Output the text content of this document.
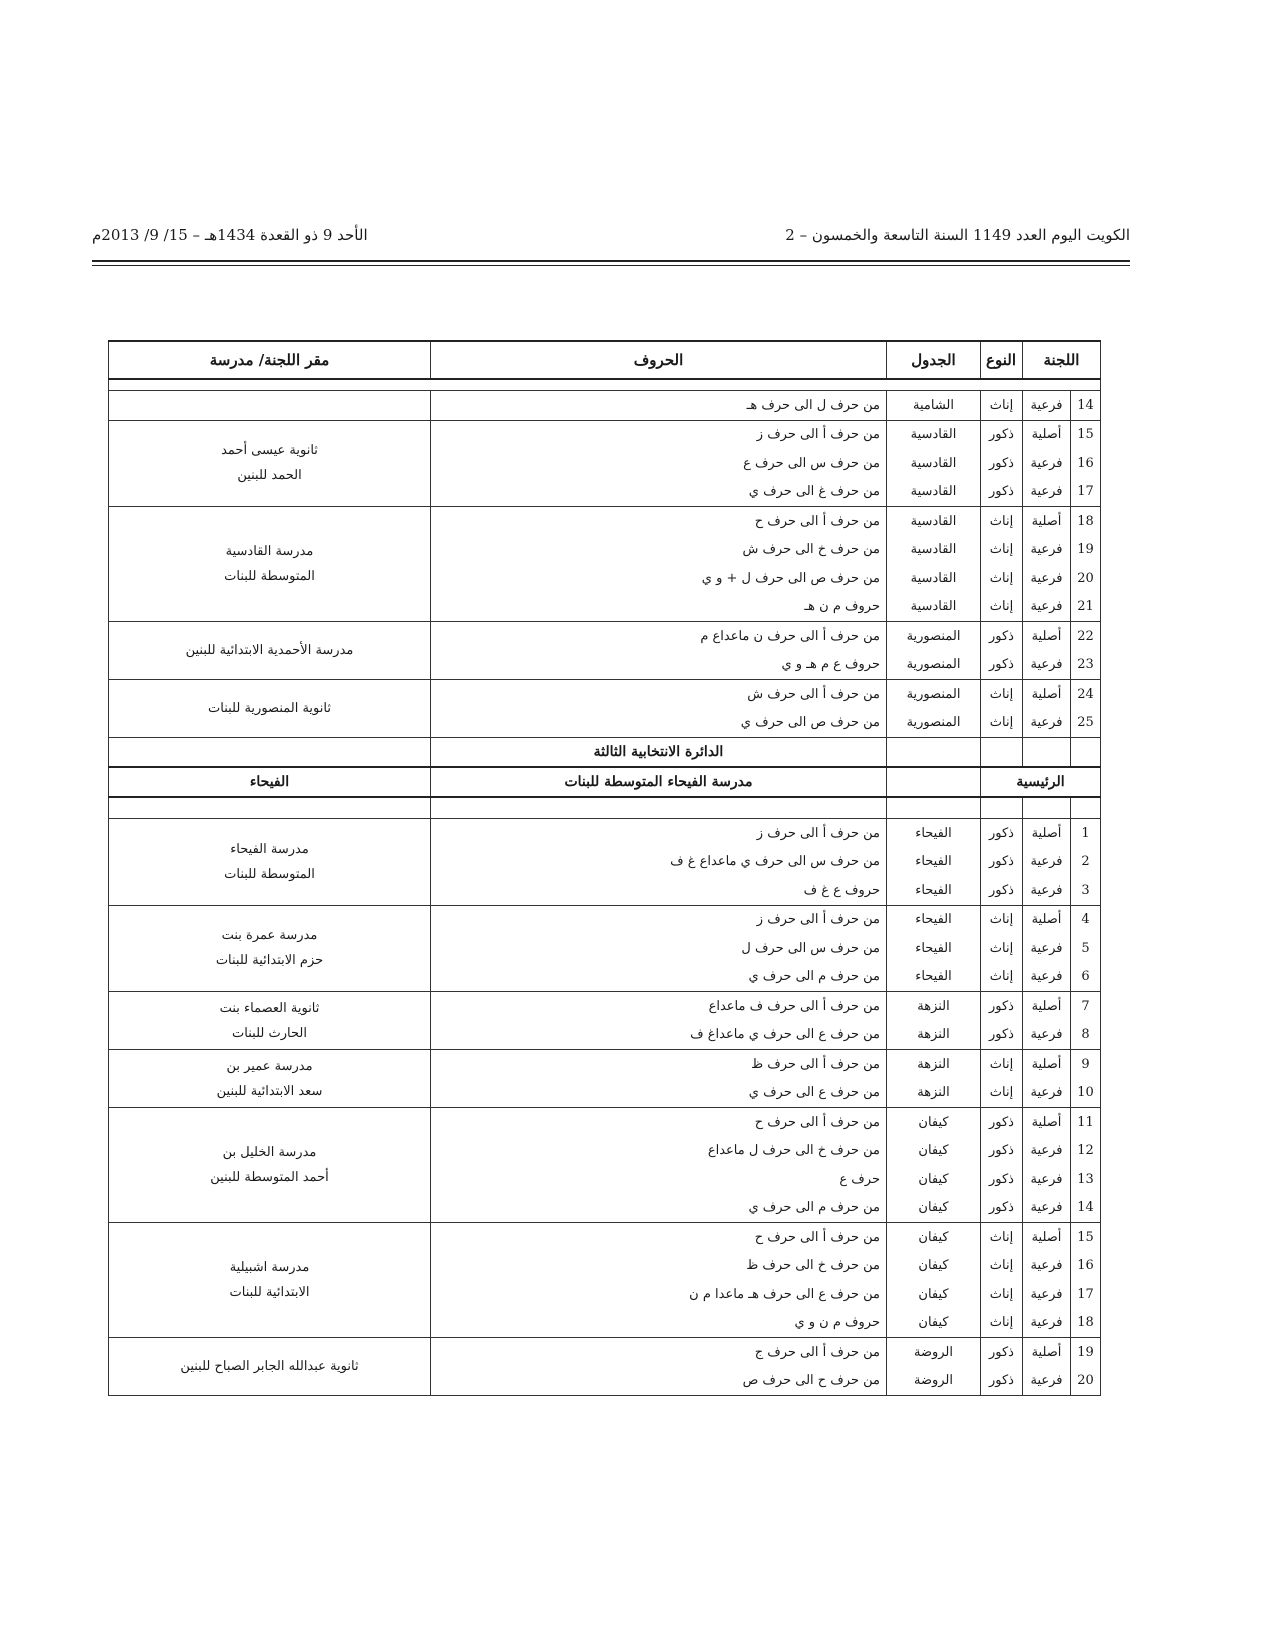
الكويت اليوم العدد 1149 السنة التاسعة والخمسون – 2
الأحد 9 ذو القعدة 1434هـ – 15/ 9/ 2013م
اللجنة		النوع	الجدول	الحروف	مقر اللجنة/ مدرسة

14	فرعية	إناث	الشامية	من حرف ل الى حرف هـ	

15	أصلية	ذكور	القادسية	من حرف أ الى حرف ز	ثانوية عيسى أحمد
الحمد للبنين

16	فرعية	ذكور	القادسية	من حرف س الى حرف ع	
17	فرعية	ذكور	القادسية	من حرف غ الى حرف ي	
18	أصلية	إناث	القادسية	من حرف أ الى حرف ح	مدرسة القادسية
المتوسطة للبنات

19	فرعية	إناث	القادسية	من حرف خ الى حرف ش	
20	فرعية	إناث	القادسية	من حرف ص الى حرف ل + و ي	
21	فرعية	إناث	القادسية	حروف م ن هـ	
22	أصلية	ذكور	المنصورية	من حرف أ الى حرف ن ماعداع م	مدرسة الأحمدية الابتدائية للبنين

23	فرعية	ذكور	المنصورية	حروف ع م هـ و ي	
24	أصلية	إناث	المنصورية	من حرف أ الى حرف ش	ثانوية المنصورية للبنات

25	فرعية	إناث	المنصورية	من حرف ص الى حرف ي	
				الدائرة الانتخابية الثالثة	
الرئيسية				مدرسة الفيحاء المتوسطة للبنات	الفيحاء

1	أصلية	ذكور	الفيحاء	من حرف أ الى حرف ز	مدرسة الفيحاء
المتوسطة للبنات

2	فرعية	ذكور	الفيحاء	من حرف س الى حرف ي ماعداع غ ف	
3	فرعية	ذكور	الفيحاء	حروف ع غ ف	
4	أصلية	إناث	الفيحاء	من حرف أ الى حرف ز	مدرسة عمرة بنت
حزم الابتدائية للبنات

5	فرعية	إناث	الفيحاء	من حرف س الى حرف ل	
6	فرعية	إناث	الفيحاء	من حرف م الى حرف ي	
7	أصلية	ذكور	النزهة	من حرف أ الى حرف ف ماعداع	ثانوية العصماء بنت
الحارث للبنات

8	فرعية	ذكور	النزهة	من حرف ع الى حرف ي ماعداغ ف	
9	أصلية	إناث	النزهة	من حرف أ الى حرف ظ	مدرسة عمير بن
سعد الابتدائية للبنين

10	فرعية	إناث	النزهة	من حرف ع الى حرف ي	
11	أصلية	ذكور	كيفان	من حرف أ الى حرف ح	مدرسة الخليل بن
أحمد المتوسطة للبنين

12	فرعية	ذكور	كيفان	من حرف خ الى حرف ل ماعداع	
13	فرعية	ذكور	كيفان	حرف ع	
14	فرعية	ذكور	كيفان	من حرف م الى حرف ي	
15	أصلية	إناث	كيفان	من حرف أ الى حرف ح	مدرسة اشبيلية
الابتدائية للبنات

16	فرعية	إناث	كيفان	من حرف خ الى حرف ظ	
17	فرعية	إناث	كيفان	من حرف ع الى حرف هـ ماعدا م ن	
18	فرعية	إناث	كيفان	حروف م ن و ي	
19	أصلية	ذكور	الروضة	من حرف أ الى حرف ج	ثانوية عبدالله الجابر الصباح للبنين

20	فرعية	ذكور	الروضة	من حرف ح الى حرف ص	
